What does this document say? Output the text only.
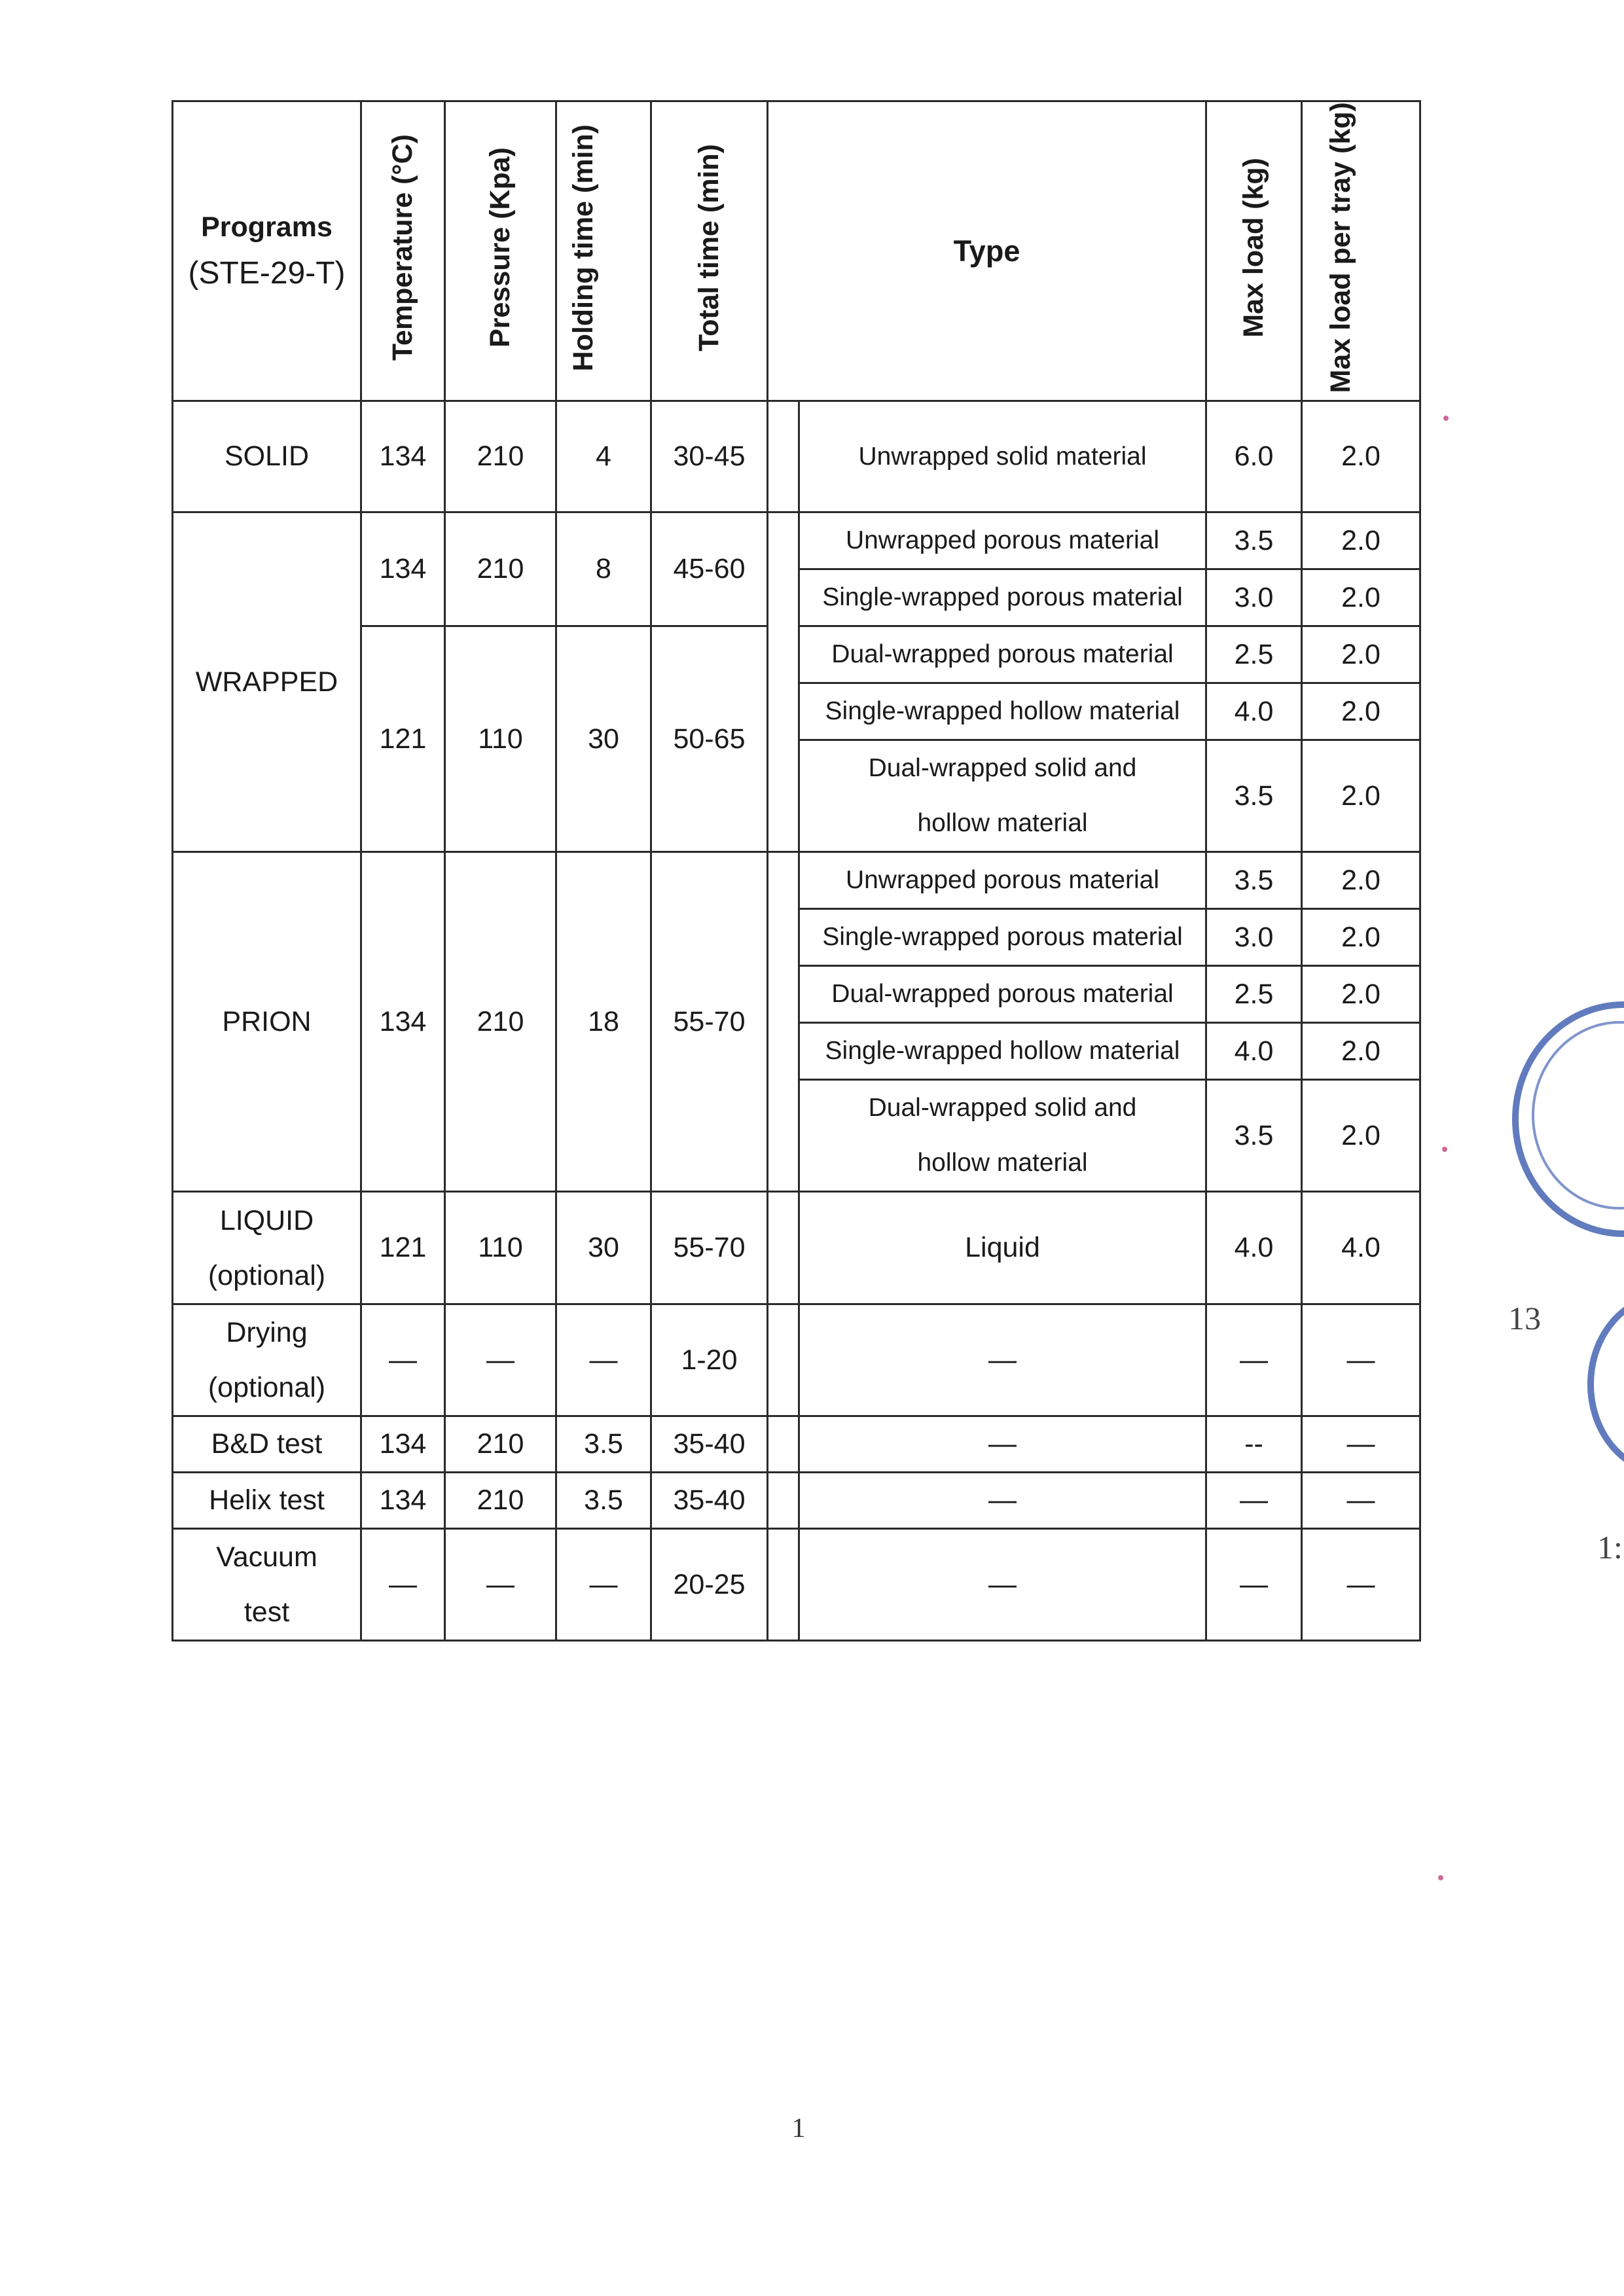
Programs
(STE-29-T)	Temperature (°C)	Pressure (Kpa)	Holding time (min)	Total time (min)	Type		Max load (kg)	Max load per tray (kg)
SOLID	134	210	4	30-45		Unwrapped solid material	6.0	2.0
WRAPPED	134	210	8	45-60		Unwrapped porous material	3.5	2.0
						Single-wrapped porous material	3.0	2.0
	121	110	30	50-65		Dual-wrapped porous material	2.5	2.0
						Single-wrapped hollow material	4.0	2.0
						Dual-wrapped solid and hollow material	3.5	2.0

PRION	134	210	18	55-70		Unwrapped porous material	3.5	2.0
						Single-wrapped porous material	3.0	2.0
						Dual-wrapped porous material	2.5	2.0
						Single-wrapped hollow material	4.0	2.0
						Dual-wrapped solid and hollow material	3.5	2.0
LIQUID (optional)	121	110	30	55-70		Liquid	4.0	4.0
Drying (optional)	—	—	—	1-20		—	—	—
B&D test	134	210	3.5	35-40		—	--	—
Helix test	134	210	3.5	35-40		—	—	—
Vacuum test	—	—	—	20-25		—	—	—
1
 13
1:
